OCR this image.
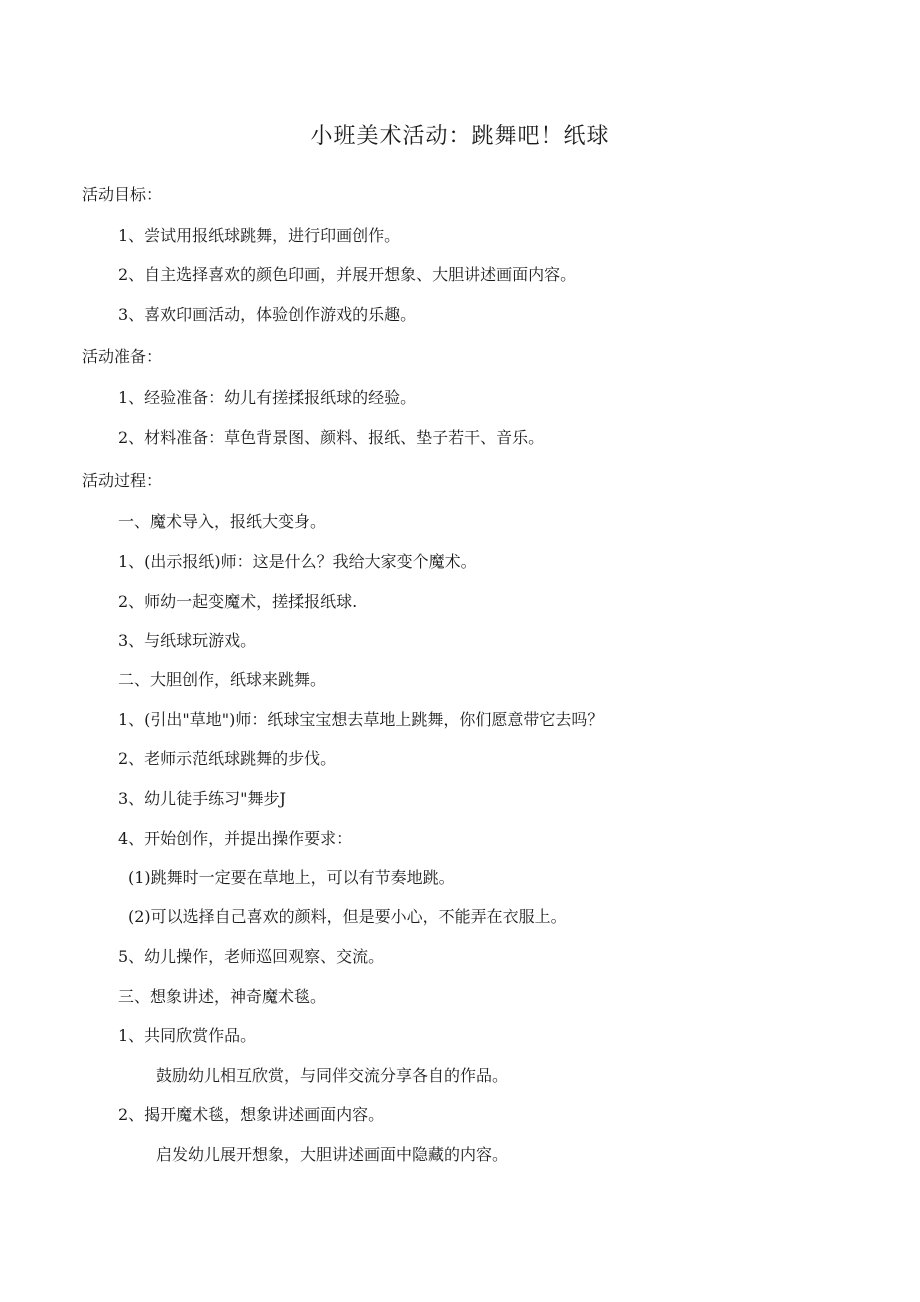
小班美术活动：跳舞吧！纸球
活动目标：
1、尝试用报纸球跳舞，进行印画创作。
2、自主选择喜欢的颜色印画，并展开想象、大胆讲述画面内容。
3、喜欢印画活动，体验创作游戏的乐趣。
活动准备：
1、经验准备：幼儿有搓揉报纸球的经验。
2、材料准备：草色背景图、颜料、报纸、垫子若干、音乐。
活动过程：
一、魔术导入，报纸大变身。
1、(出示报纸)师：这是什么？我给大家变个魔术。
2、师幼一起变魔术，搓揉报纸球.
3、与纸球玩游戏。
二、大胆创作，纸球来跳舞。
1、(引出"草地")师：纸球宝宝想去草地上跳舞，你们愿意带它去吗？
2、老师示范纸球跳舞的步伐。
3、幼儿徒手练习"舞步J
4、开始创作，并提出操作要求：
(1)跳舞时一定要在草地上，可以有节奏地跳。
(2)可以选择自己喜欢的颜料，但是要小心，不能弄在衣服上。
5、幼儿操作，老师巡回观察、交流。
三、想象讲述，神奇魔术毯。
1、共同欣赏作品。
鼓励幼儿相互欣赏，与同伴交流分享各自的作品。
2、揭开魔术毯，想象讲述画面内容。
启发幼儿展开想象，大胆讲述画面中隐藏的内容。
